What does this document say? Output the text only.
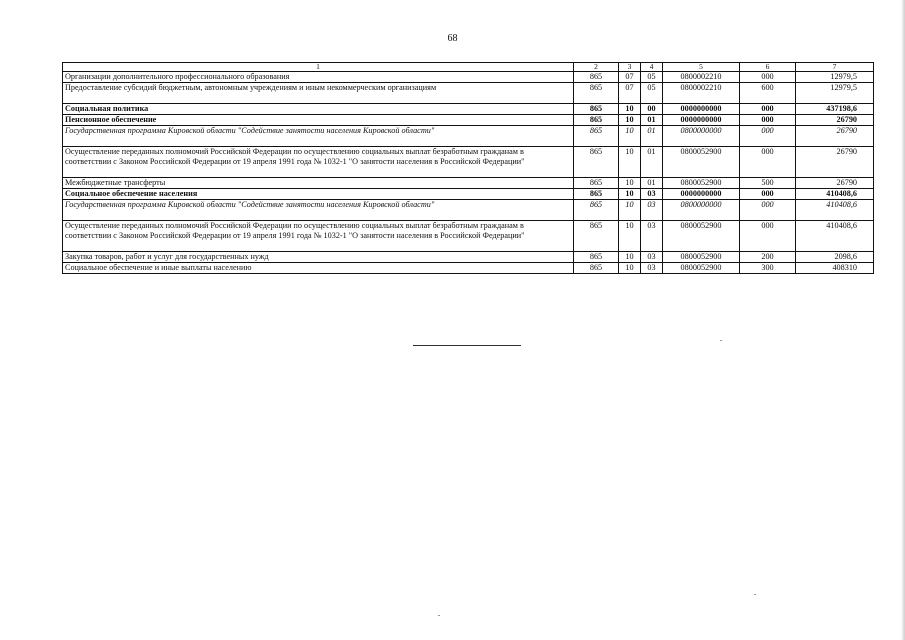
68
1	2	3	4	5	6	7
Организации дополнительного профессионального образования	865	07	05	0800002210	000	12979,5
Предоставление субсидий бюджетным, автономным учреждениям и иным некоммерческим организациям	865	07	05	0800002210	600	12979,5
Социальная политика	865	10	00	0000000000	000	437198,6
Пенсионное обеспечение	865	10	01	0000000000	000	26790
Государственная программа Кировской области "Содействие занятости населения Кировской области"	865	10	01	0800000000	000	26790
Осуществление переданных полномочий Российской Федерации по осуществлению социальных выплат безработным гражданам в соответствии с Законом Российской Федерации от 19 апреля 1991 года № 1032-1 "О занятости населения в Российской Федерации"	865	10	01	0800052900	000	26790
Межбюджетные трансферты	865	10	01	0800052900	500	26790
Социальное обеспечение населения	865	10	03	0000000000	000	410408,6
Государственная программа Кировской области "Содействие занятости населения Кировской области"	865	10	03	0800000000	000	410408,6
Осуществление переданных полномочий Российской Федерации по осуществлению социальных выплат безработным гражданам в соответствии с Законом Российской Федерации от 19 апреля 1991 года № 1032-1 "О занятости населения в Российской Федерации"	865	10	03	0800052900	000	410408,6
Закупка товаров, работ и услуг для государственных нужд	865	10	03	0800052900	200	2098,6
Социальное обеспечение и иные выплаты населению	865	10	03	0800052900	300	408310
